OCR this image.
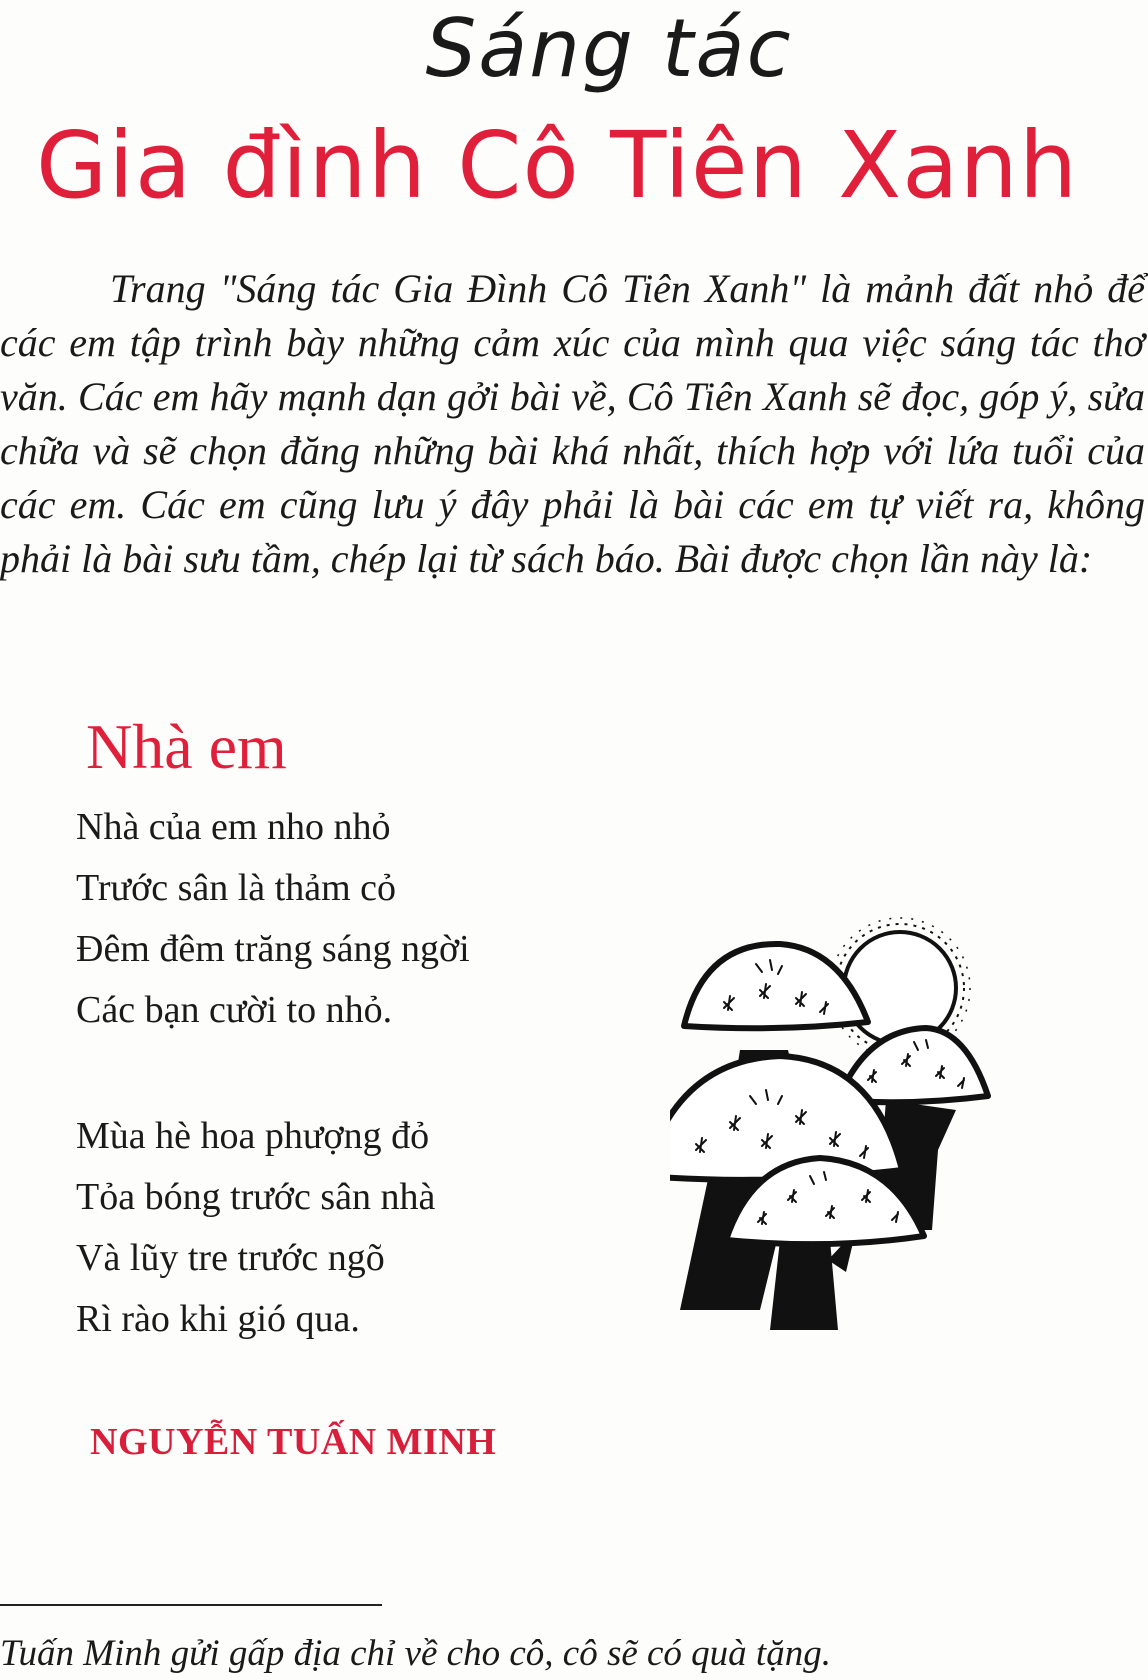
Sáng tác
Gia đình Cô Tiên Xanh

Trang "Sáng tác Gia Đình Cô Tiên Xanh" là mảnh đất nhỏ để các em tập trình bày những cảm xúc của mình qua việc sáng tác thơ văn. Các em hãy mạnh dạn gởi bài về, Cô Tiên Xanh sẽ đọc, góp ý, sửa chữa và sẽ chọn đăng những bài khá nhất, thích hợp với lứa tuổi của các em. Các em cũng lưu ý đây phải là bài các em tự viết ra, không phải là bài sưu tầm, chép lại từ sách báo. Bài được chọn lần này là:

Nhà em
Nhà của em nho nhỏ
Trước sân là thảm cỏ
Đêm đêm trăng sáng ngời
Các bạn cười to nhỏ.
Mùa hè hoa phượng đỏ
Tỏa bóng trước sân nhà
Và lũy tre trước ngõ
Rì rào khi gió qua.

NGUYỄN TUẤN MINH

Tuấn Minh gửi gấp địa chỉ về cho cô, cô sẽ có quà tặng.
